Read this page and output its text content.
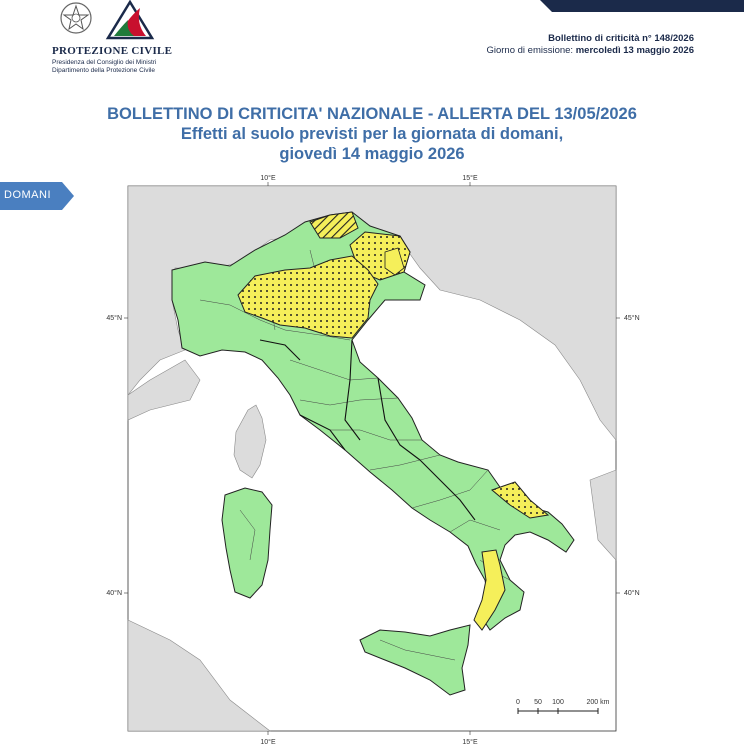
PROTEZIONE CIVILE
Presidenza del Consiglio dei Ministri
Dipartimento della Protezione Civile
Bollettino di criticità n° 148/2026
Giorno di emissione: mercoledì 13 maggio 2026
BOLLETTINO DI CRITICITA' NAZIONALE - ALLERTA DEL 13/05/2026
Effetti al suolo previsti per la giornata di domani,
giovedì 14 maggio 2026
DOMANI
10°E	15°E
10°E	15°E
45°N	45°N
40°N	40°N
0 50 100	200 km
